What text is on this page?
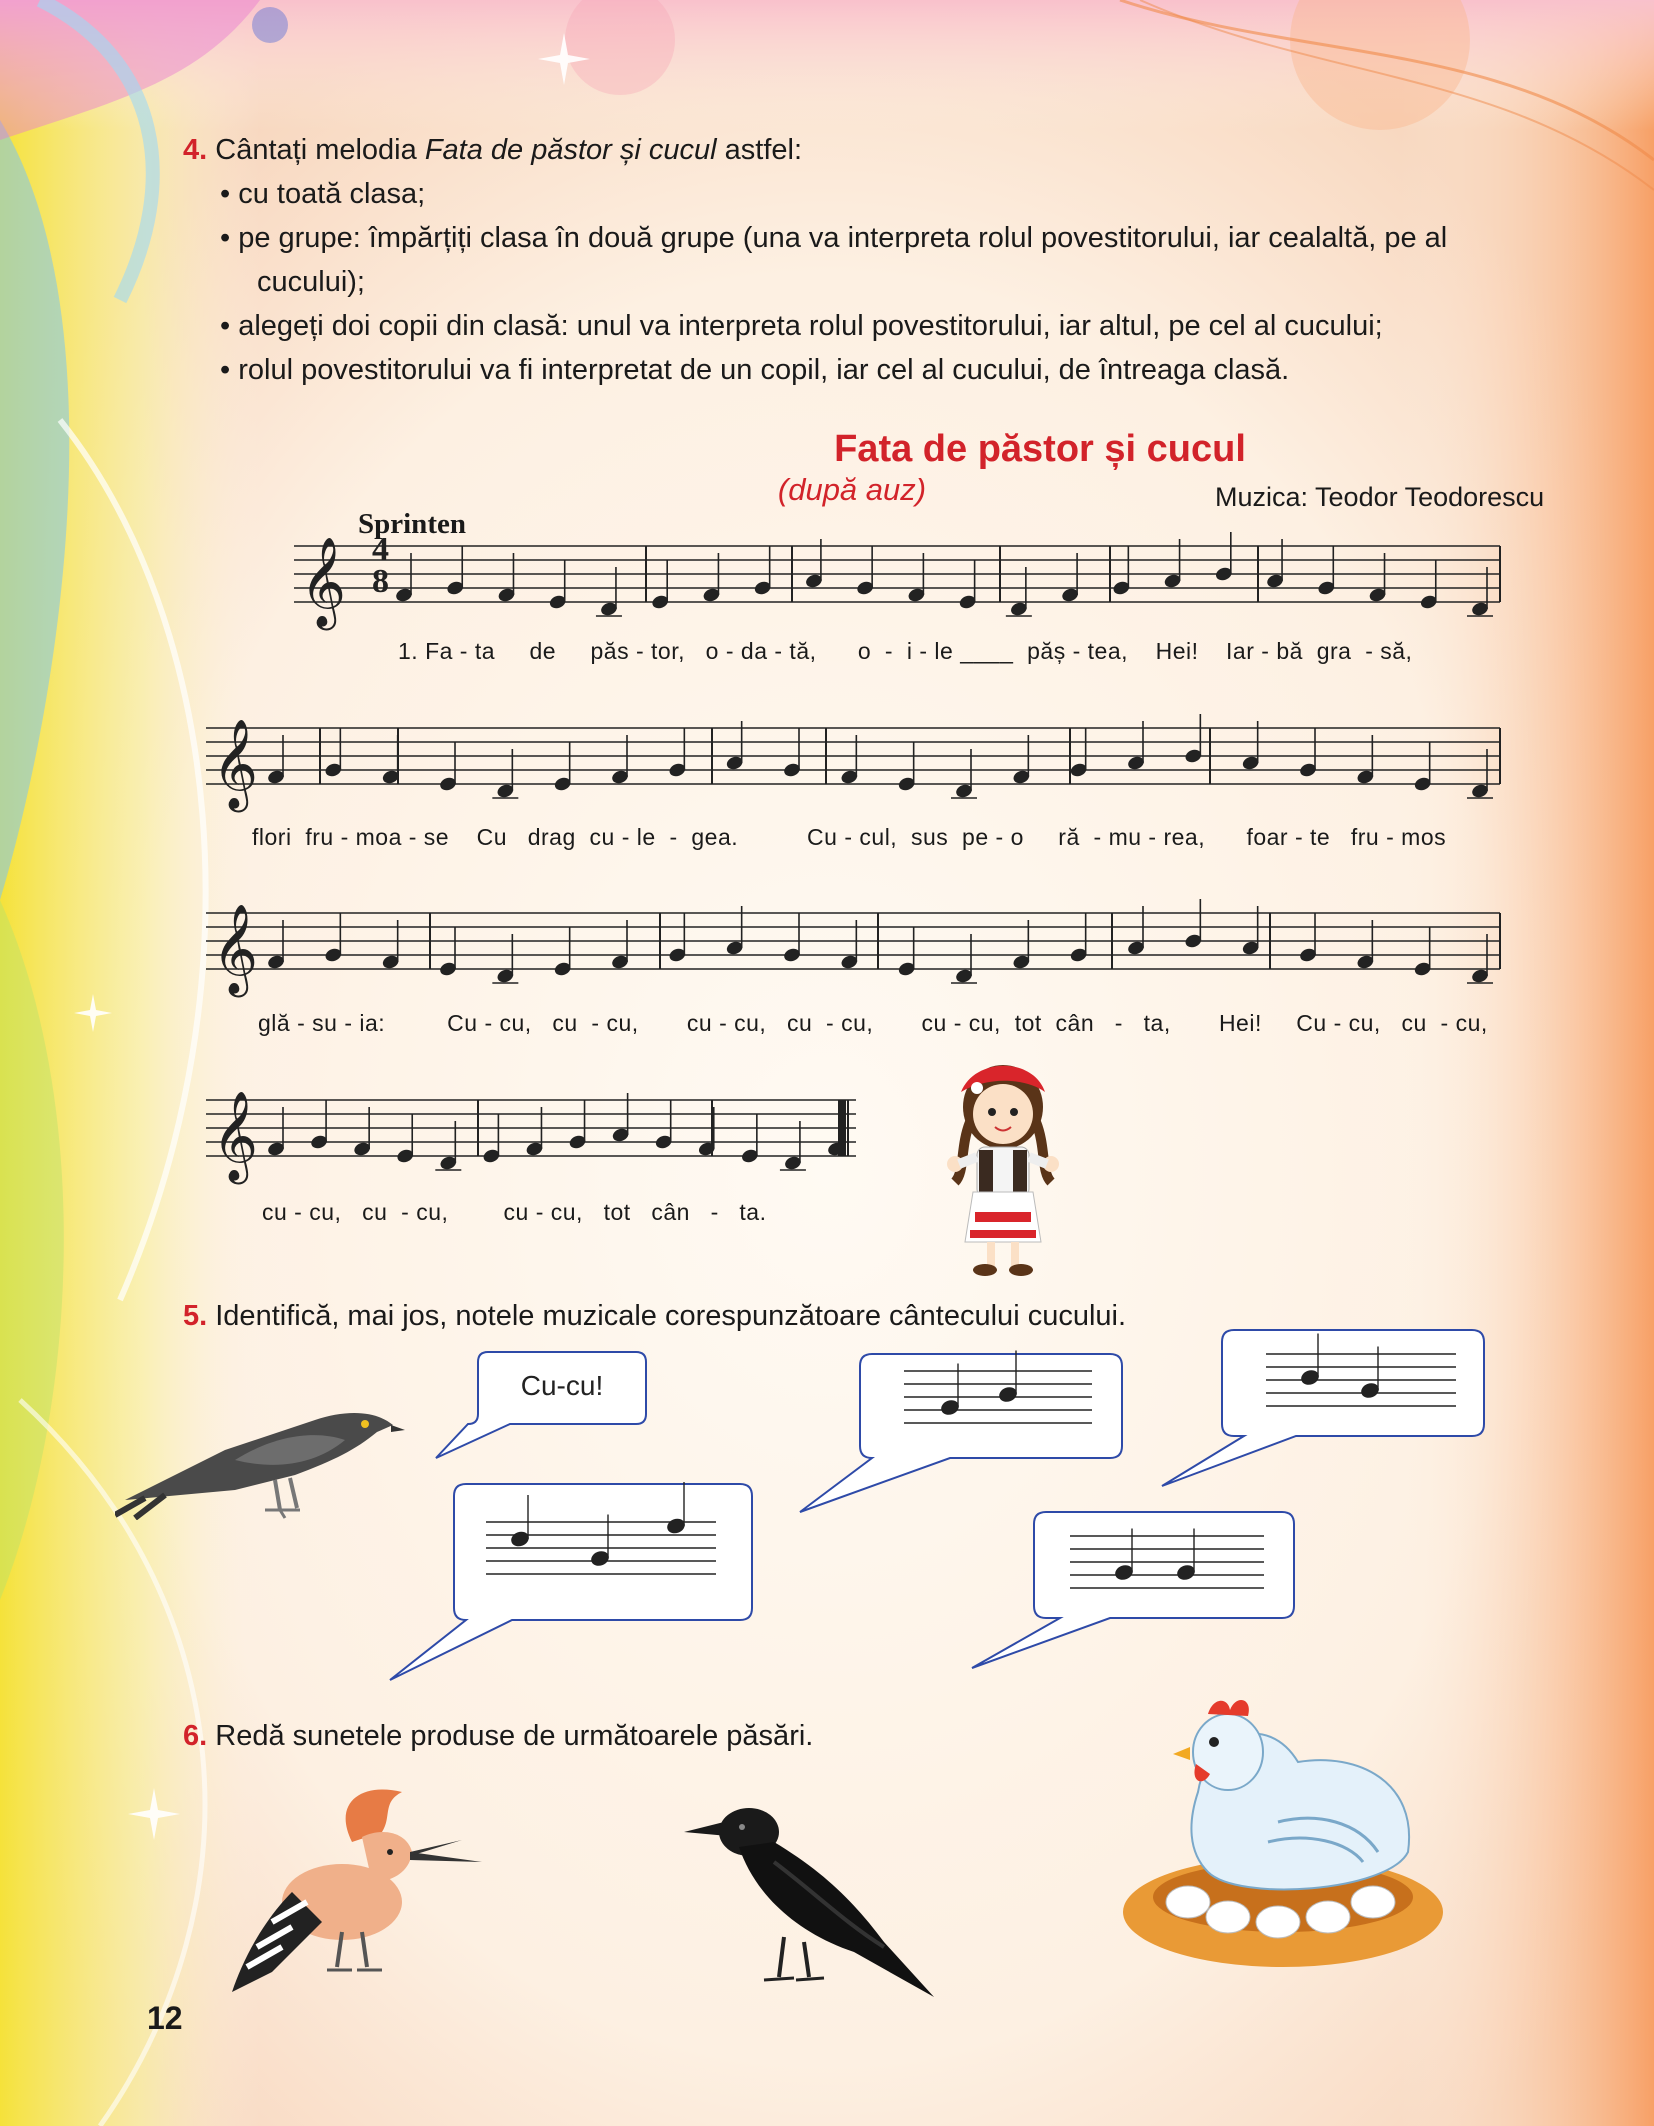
4. Cântați melodia Fata de păstor și cucul astfel:
• cu toată clasa;
• pe grupe: împărțiți clasa în două grupe (una va interpreta rolul povestitorului, iar cealaltă, pe al
cucului);
• alegeți doi copii din clasă: unul va interpreta rolul povestitorului, iar altul, pe cel al cucului;
• rolul povestitorului va fi interpretat de un copil, iar cel al cucului, de întreaga clasă.
Fata de păstor și cucul
(după auz)	Muzica: Teodor Teodorescu
Sprinten
𝄞
𝄞
𝄞
𝄞
4
8
1. Fa - ta     de     păs - tor,   o - da - tă,      o  -  i - le ____  păș - tea,    Hei!    Iar - bă  gra  - să,
flori  fru - moa - se    Cu   drag  cu - le  -  gea.          Cu - cul,  sus  pe - o     ră  - mu - rea,      foar - te   fru - mos
glă - su - ia:         Cu - cu,   cu  - cu,       cu - cu,   cu  - cu,       cu - cu,  tot  cân   -   ta,       Hei!     Cu - cu,   cu  - cu,
cu - cu,   cu  - cu,        cu - cu,   tot   cân   -   ta.
5. Identifică, mai jos, notele muzicale corespunzătoare cântecului cucului.
Cu-cu!
6. Redă sunetele produse de următoarele păsări.
12
